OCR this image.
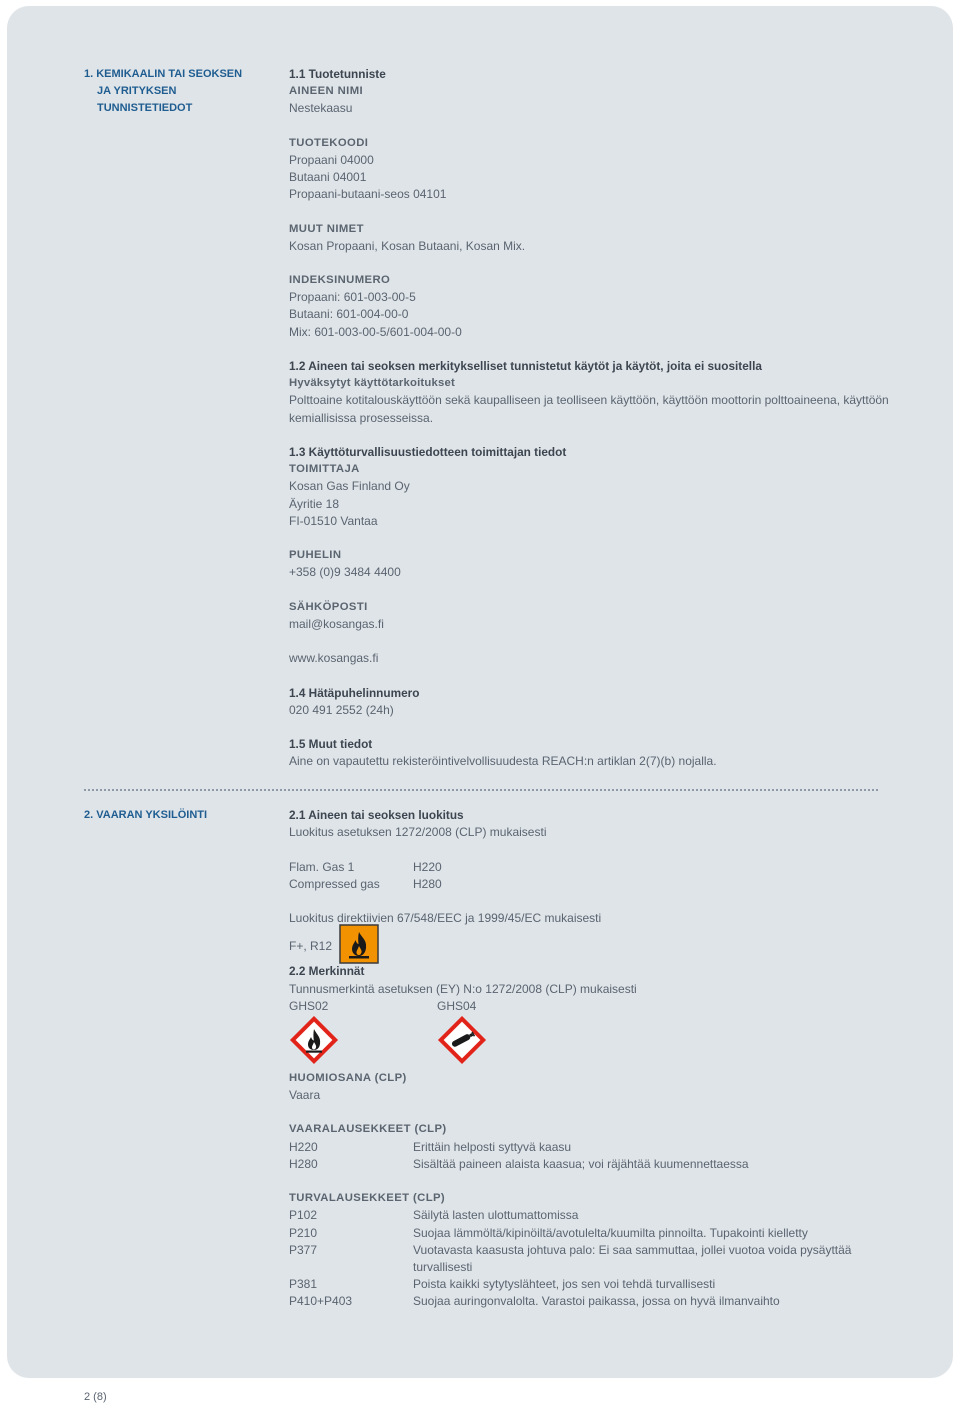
1. KEMIKAALIN TAI SEOKSEN
JA YRITYKSEN
TUNNISTETIEDOT
1.1 Tuotetunniste
AINEEN NIMI
Nestekaasu
TUOTEKOODI
Propaani 04000
Butaani 04001
Propaani-butaani-seos 04101
MUUT NIMET
Kosan Propaani, Kosan Butaani, Kosan Mix.
INDEKSINUMERO
Propaani: 601-003-00-5
Butaani: 601-004-00-0
Mix: 601-003-00-5/601-004-00-0
1.2 Aineen tai seoksen merkitykselliset tunnistetut käytöt ja käytöt, joita ei suositella
Hyväksytyt käyttötarkoitukset
Polttoaine kotitalouskäyttöön sekä kaupalliseen ja teolliseen käyttöön, käyttöön moottorin polttoaineena, käyttöön kemiallisissa prosesseissa.
1.3 Käyttöturvallisuustiedotteen toimittajan tiedot
TOIMITTAJA
Kosan Gas Finland Oy
Äyritie 18
FI-01510 Vantaa
PUHELIN
+358 (0)9 3484 4400
SÄHKÖPOSTI
mail@kosangas.fi
www.kosangas.fi
1.4 Hätäpuhelinnumero
020 491 2552 (24h)
1.5 Muut tiedot
Aine on vapautettu rekisteröintivelvollisuudesta REACH:n artiklan 2(7)(b) nojalla.
2. VAARAN YKSILÖINTI	2.1 Aineen tai seoksen luokitus
Luokitus asetuksen 1272/2008 (CLP) mukaisesti
Flam. Gas 1	H220
Compressed gas	H280
Luokitus direktiivien 67/548/EEC ja 1999/45/EC mukaisesti
F+, R12
2.2 Merkinnät
Tunnusmerkintä asetuksen (EY) N:o 1272/2008 (CLP) mukaisesti
GHS02	GHS04
HUOMIOSANA (CLP)
Vaara
VAARALAUSEKKEET (CLP)
H220	Erittäin helposti syttyvä kaasu
H280	Sisältää paineen alaista kaasua; voi räjähtää kuumennettaessa
TURVALAUSEKKEET (CLP)
P102	Säilytä lasten ulottumattomissa
P210	Suojaa lämmöltä/kipinöiltä/avotulelta/kuumilta pinnoilta. Tupakointi kielletty
P377	Vuotavasta kaasusta johtuva palo: Ei saa sammuttaa, jollei vuotoa voida pysäyttää turvallisesti
P381	Poista kaikki sytytyslähteet, jos sen voi tehdä turvallisesti
P410+P403	Suojaa auringonvalolta. Varastoi paikassa, jossa on hyvä ilmanvaihto
2 (8)
